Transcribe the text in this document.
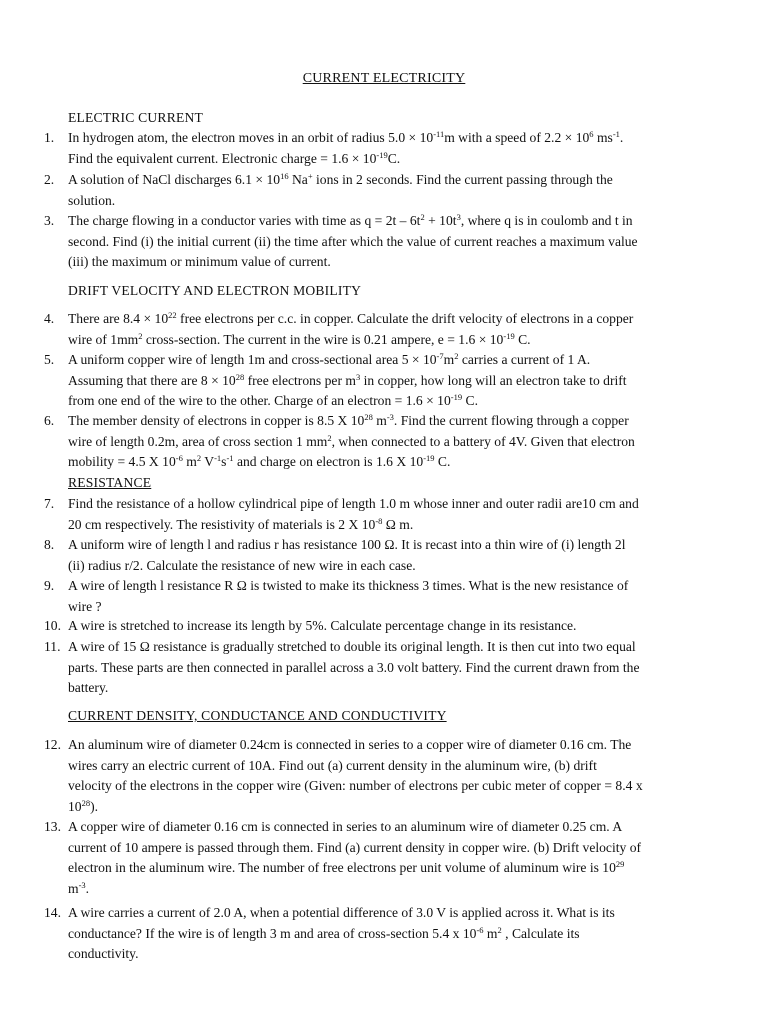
CURRENT ELECTRICITY
ELECTRIC CURRENT
1.	In hydrogen atom, the electron moves in an orbit of radius $5.0 \times 10^{-11}m$ with a speed of $2.2 \times 10^6$ $ms^{-1}$.

Find the equivalent current. Electronic charge = $1.6 \times 10^{-19}C$.

2.	A solution of NaCl discharges $6.1 \times 10^{16}$ Na+ ions in 2 seconds. Find the current passing through the

solution.

3.	The charge flowing in a conductor varies with time as $q = 2t - 6t^2 + 10t^3$, where q is in coulomb and t in

second. Find (i) the initial current (ii) the time after which the value of current reaches a maximum value

(iii) the maximum or minimum value of current.

DRIFT VELOCITY AND ELECTRON MOBILITY
4.	There are $8.4 \times 10^{22}$ free electrons per c.c. in copper. Calculate the drift velocity of electrons in a copper

wire of $1mm^2$ cross-section. The current in the wire is 0.21 ampere, $e = 1.6 \times 10^{-19}$ C.

5.	A uniform copper wire of length 1m and cross-sectional area $5 \times 10^{-7}m^2$ carries a current of 1 A.

Assuming that there are $8 \times 10^{28}$ free electrons per $m^3$ in copper, how long will an electron take to drift

from one end of the wire to the other. Charge of an electron = $1.6 \times 10^{-19}$ C.

6.	The member density of electrons in copper is 8.5 X $10^{28}$ $m^{-3}$. Find the current flowing through a copper

wire of length 0.2m, area of cross section 1 $mm^2$, when connected to a battery of 4V. Given that electron

mobility = 4.5 X $10^{-6}$ $m^2$ $V^{-1}s^{-1}$ and charge on electron is 1.6 X $10^{-19}$ C.

RESISTANCE
7.	Find the resistance of a hollow cylindrical pipe of length 1.0 m whose inner and outer radii are10 cm and

20 cm respectively. The resistivity of materials is 2 X $10^{-8}$ Ω m.

8.	A uniform wire of length l and radius r has resistance 100 Ω. It is recast into a thin wire of (i) length 2l

(ii) radius r/2. Calculate the resistance of new wire in each case.

9.	A wire of length l resistance R Ω is twisted to make its thickness 3 times. What is the new resistance of

wire ?

10. A wire is stretched to increase its length by 5%. Calculate percentage change in its resistance.

11. A wire of 15 Ω resistance is gradually stretched to double its original length. It is then cut into two equal

parts. These parts are then connected in parallel across a 3.0 volt battery. Find the current drawn from the

battery.

CURRENT DENSITY, CONDUCTANCE AND CONDUCTIVITY
12. An aluminum wire of diameter 0.24cm is connected in series to a copper wire of diameter 0.16 cm. The

wires carry an electric current of 10A. Find out (a) current density in the aluminum wire, (b) drift

velocity of the electrons in the copper wire (Given: number of electrons per cubic meter of copper = 8.4 x

$10^{28}$).

13. A copper wire of diameter 0.16 cm is connected in series to an aluminum wire of diameter 0.25 cm. A

current of 10 ampere is passed through them. Find (a) current density in copper wire. (b) Drift velocity of

electron in the aluminum wire. The number of free electrons per unit volume of aluminum wire is $10^{29}$

$m^{-3}$.

14. A wire carries a current of 2.0 A, when a potential difference of 3.0 V is applied across it. What is its

conductance? If the wire is of length 3 m and area of cross-section 5.4 x $10^{-6}$ $m^2$ , Calculate its

conductivity.
